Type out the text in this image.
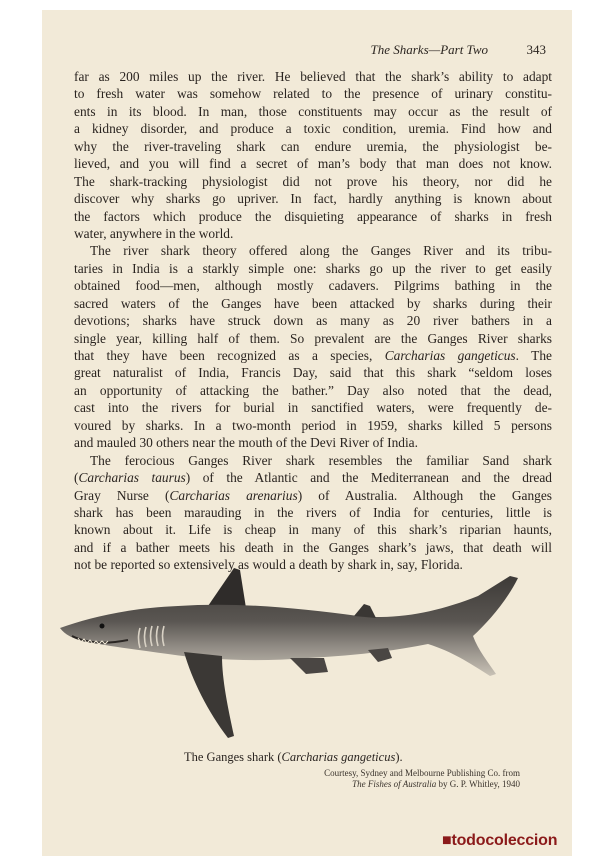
The Sharks—Part Two	343

far as 200 miles up the river. He believed that the shark’s ability to adapt
to fresh water was somehow related to the presence of urinary constitu-
ents in its blood. In man, those constituents may occur as the result of
a kidney disorder, and produce a toxic condition, uremia. Find how and
why the river-traveling shark can endure uremia, the physiologist be-
lieved, and you will find a secret of man’s body that man does not know.
The shark-tracking physiologist did not prove his theory, nor did he
discover why sharks go upriver. In fact, hardly anything is known about
the factors which produce the disquieting appearance of sharks in fresh
water, anywhere in the world.

The river shark theory offered along the Ganges River and its tribu-
taries in India is a starkly simple one: sharks go up the river to get easily
obtained food—men, although mostly cadavers. Pilgrims bathing in the
sacred waters of the Ganges have been attacked by sharks during their
devotions; sharks have struck down as many as 20 river bathers in a
single year, killing half of them. So prevalent are the Ganges River sharks
that they have been recognized as a species, Carcharias gangeticus. The
great naturalist of India, Francis Day, said that this shark “seldom loses
an opportunity of attacking the bather.” Day also noted that the dead,
cast into the rivers for burial in sanctified waters, were frequently de-
voured by sharks. In a two-month period in 1959, sharks killed 5 persons
and mauled 30 others near the mouth of the Devi River of India.

The ferocious Ganges River shark resembles the familiar Sand shark
(Carcharias taurus) of the Atlantic and the Mediterranean and the dread
Gray Nurse (Carcharias arenarius) of Australia. Although the Ganges
shark has been marauding in the rivers of India for centuries, little is
known about it. Life is cheap in many of this shark’s riparian haunts,
and if a bather meets his death in the Ganges shark’s jaws, that death will
not be reported so extensively as would a death by shark in, say, Florida.

The Ganges shark (Carcharias gangeticus).
Courtesy, Sydney and Melbourne Publishing Co. from
The Fishes of Australia by G. P. Whitley, 1940
■todocoleccion
